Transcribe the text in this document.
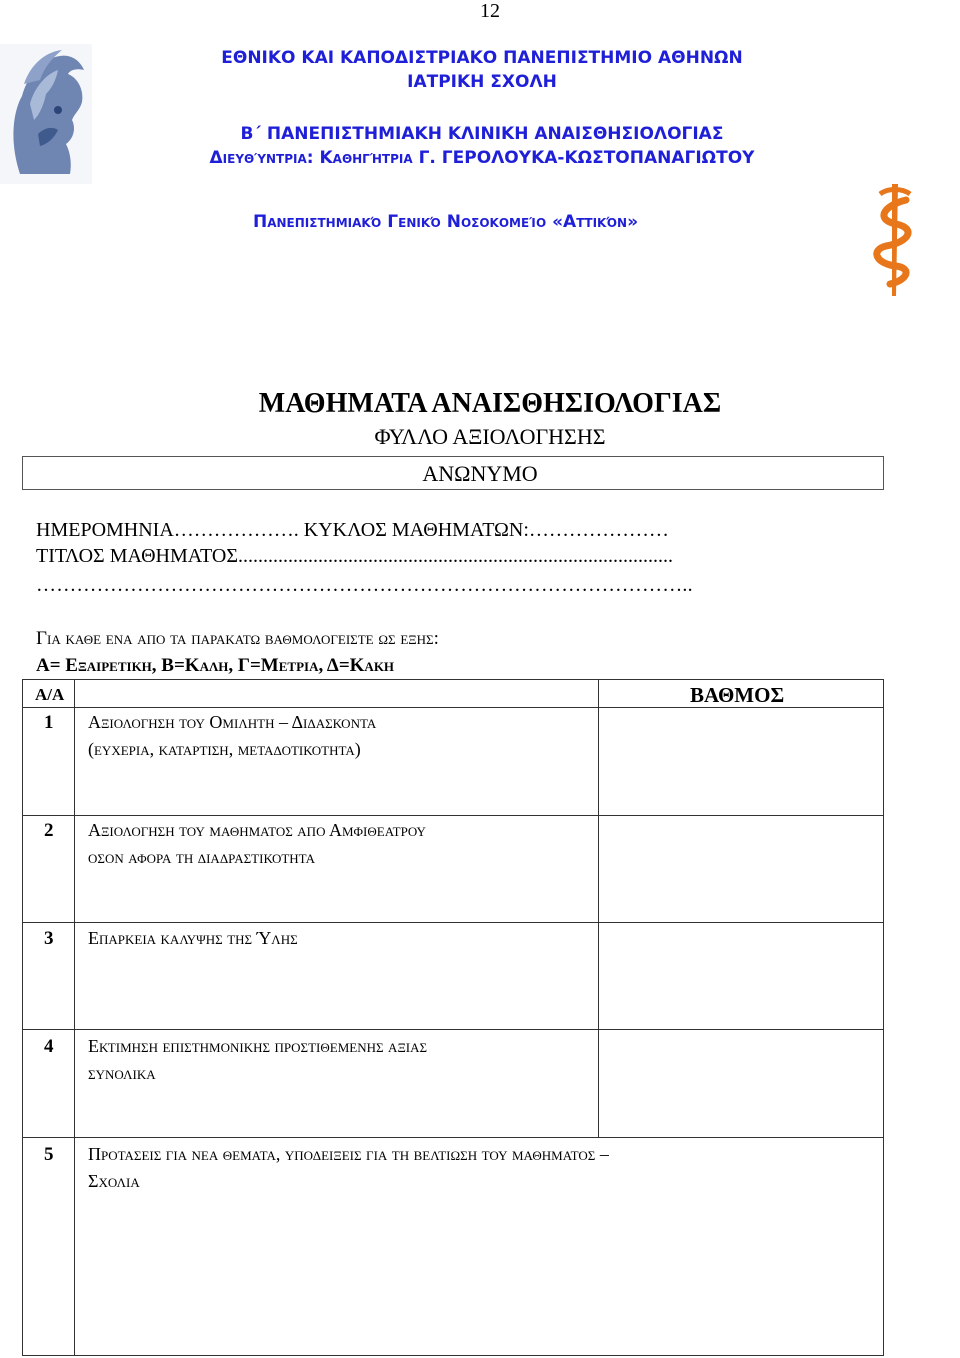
12
ΕΘΝΙΚΟ ΚΑΙ ΚΑΠΟΔΙΣΤΡΙΑΚΟ ΠΑΝΕΠΙΣΤΗΜΙΟ ΑΘΗΝΩΝ
ΙΑΤΡΙΚΗ ΣΧΟΛΗ
Β΄ ΠΑΝΕΠΙΣΤΗΜΙΑΚΗ ΚΛΙΝΙΚΗ ΑΝΑΙΣΘΗΣΙΟΛΟΓΙΑΣ
Διευθύντρια: Καθηγήτρια Γ. ΓΕΡΟΛΟΥΚΑ-ΚΩΣΤΟΠΑΝΑΓΙΩΤΟΥ
Πανεπιστημιακό Γενικό Νοσοκομείο «Αττικόν»
ΜΑΘΗΜΑΤΑ ΑΝΑΙΣΘΗΣΙΟΛΟΓΙΑΣ
ΦΥΛΛΟ ΑΞΙΟΛΟΓΗΣΗΣ
ΑΝΩΝΥΜΟ
ΗΜΕΡΟΜΗΝΙΑ………………. ΚΥΚΛΟΣ ΜΑΘΗΜΑΤΩΝ:…………………
ΤΙΤΛΟΣ ΜΑΘΗΜΑΤΟΣ.......................................................................................
……………………………………………………………………………………..
Για καθε ενα απο τα παρακατω βαθμολογειστε ως εξης:
Α= Εξαιρετικη, Β=Καλη, Γ=Μετρια, Δ=Κακη
Α/Α	ΒΑΘΜΟΣ
1 Αξιολογηση του Ομιλητη – Διδασκοντα
(ευχερια, καταρτιση, μεταδοτικοτητα)
2 Αξιολογηση του μαθηματος απο Αμφιθεατρου
οσον αφορα τη διαδραστικοτητα
3 Επαρκεια καλυψης της Ύλης
4 Εκτιμηση επιστημονικης προστιθεμενης αξιας
συνολικα
5 Προτασεις για νεα θεματα, υποδειξεις για τη βελτιωση του μαθηματος –
Σχολια
